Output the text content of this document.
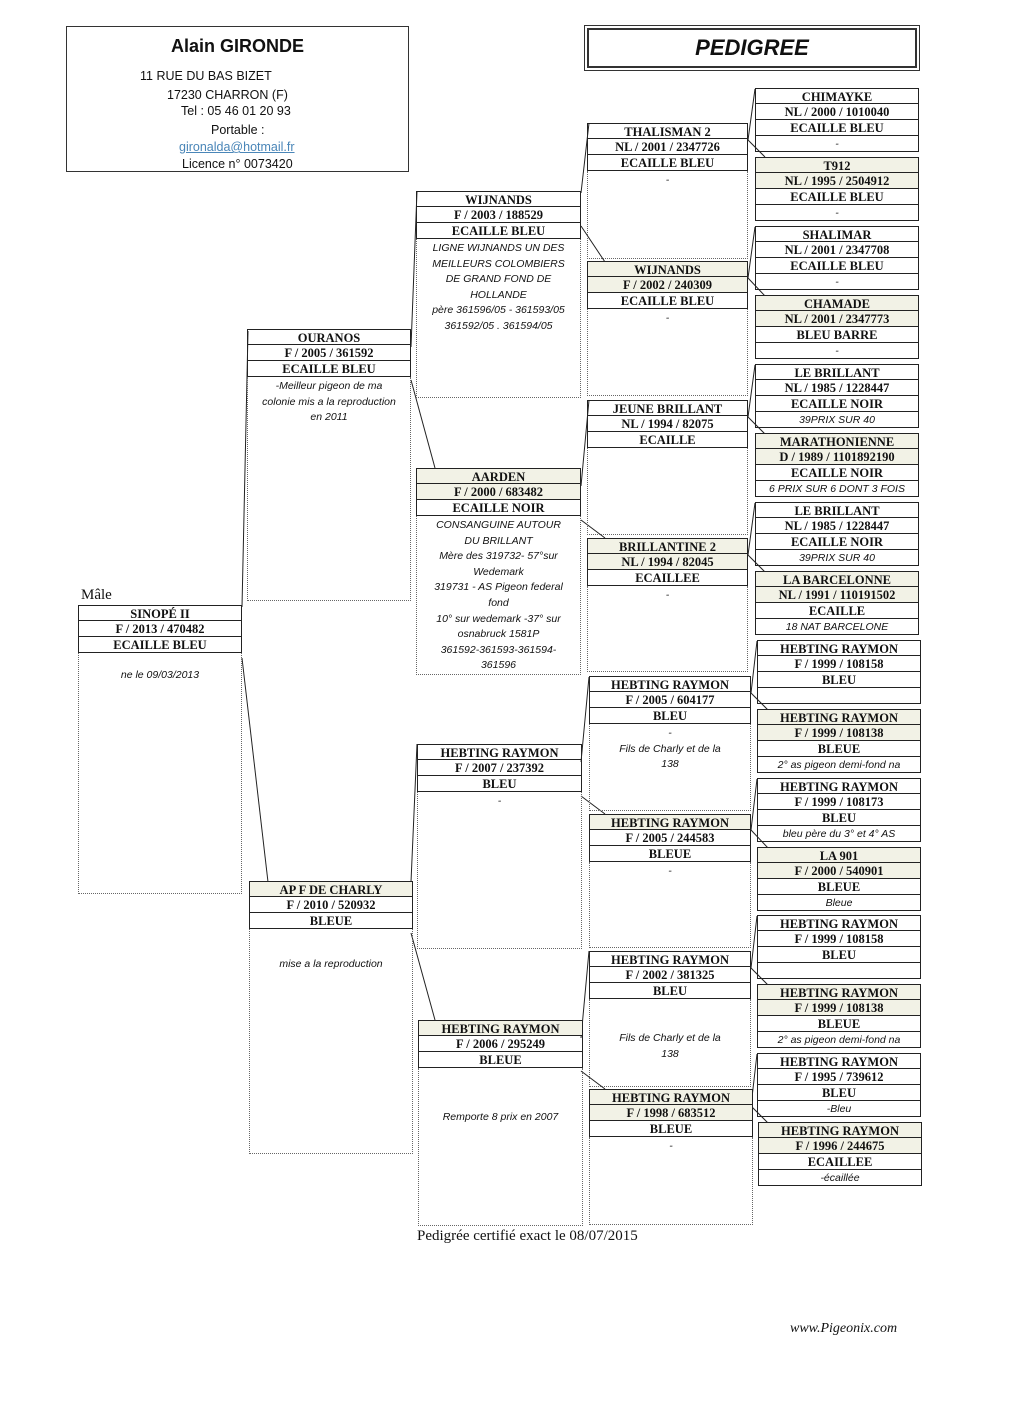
Alain GIRONDE
11 RUE DU BAS BIZET
17230 CHARRON (F)
Tel : 05 46 01 20 93
Portable :
gironalda@hotmail.fr
Licence n° 0073420
PEDIGREE
Mâle
SINOPÉ II
F / 2013 / 470482
ECAILLE BLEU
ne le 09/03/2013
OURANOS
F / 2005 / 361592
ECAILLE BLEU
-Meilleur pigeon de ma
colonie mis a la reproduction
en 2011
AP F DE CHARLY
F / 2010 / 520932
BLEUE
mise a la reproduction
WIJNANDS
F / 2003 / 188529
ECAILLE BLEU
LIGNE WIJNANDS UN DES
MEILLEURS COLOMBIERS
DE GRAND FOND DE
HOLLANDE
père 361596/05 - 361593/05
361592/05 . 361594/05
AARDEN
F / 2000 / 683482
ECAILLE NOIR
CONSANGUINE AUTOUR
DU BRILLANT
Mère des 319732- 57°sur
Wedemark
319731 - AS Pigeon federal
fond
10° sur wedemark -37° sur
osnabruck 1581P
361592-361593-361594-
361596
HEBTING RAYMON
F / 2007 / 237392
BLEU
-
HEBTING RAYMON
F / 2006 / 295249
BLEUE
Remporte 8 prix en 2007
THALISMAN 2
NL / 2001 / 2347726
ECAILLE BLEU
-
WIJNANDS
F / 2002 / 240309
ECAILLE BLEU
-
JEUNE BRILLANT
NL / 1994 / 82075
ECAILLE
BRILLANTINE 2
NL / 1994 / 82045
ECAILLEE
-
HEBTING RAYMON
F / 2005 / 604177
BLEU
-
Fils de Charly et de la
138
HEBTING RAYMON
F / 2005 / 244583
BLEUE
-
HEBTING RAYMON
F / 2002 / 381325
BLEU
Fils de Charly et de la
138
HEBTING RAYMON
F / 1998 / 683512
BLEUE
-
CHIMAYKE
NL / 2000 / 1010040
ECAILLE BLEU
-
T912
NL / 1995 / 2504912
ECAILLE BLEU
-
SHALIMAR
NL / 2001 / 2347708
ECAILLE BLEU
-
CHAMADE
NL / 2001 / 2347773
BLEU BARRE
-
LE BRILLANT
NL / 1985 / 1228447
ECAILLE NOIR
39PRIX SUR 40
MARATHONIENNE
D / 1989 / 1101892190
ECAILLE NOIR
6 PRIX SUR 6 DONT 3 FOIS
LE BRILLANT
NL / 1985 / 1228447
ECAILLE NOIR
39PRIX SUR 40
LA BARCELONNE
NL / 1991 / 110191502
ECAILLE
18 NAT BARCELONE
HEBTING RAYMON
F / 1999 / 108158
BLEU
HEBTING RAYMON
F / 1999 / 108138
BLEUE
2° as pigeon demi-fond na
HEBTING RAYMON
F / 1999 / 108173
BLEU
bleu père du 3° et 4° AS
LA 901
F / 2000 / 540901
BLEUE
Bleue
HEBTING RAYMON
F / 1999 / 108158
BLEU
HEBTING RAYMON
F / 1999 / 108138
BLEUE
2° as pigeon demi-fond na
HEBTING RAYMON
F / 1995 / 739612
BLEU
-Bleu
HEBTING RAYMON
F / 1996 / 244675
ECAILLEE
-écaillée
Pedigrée certifié exact le 08/07/2015
www.Pigeonix.com
